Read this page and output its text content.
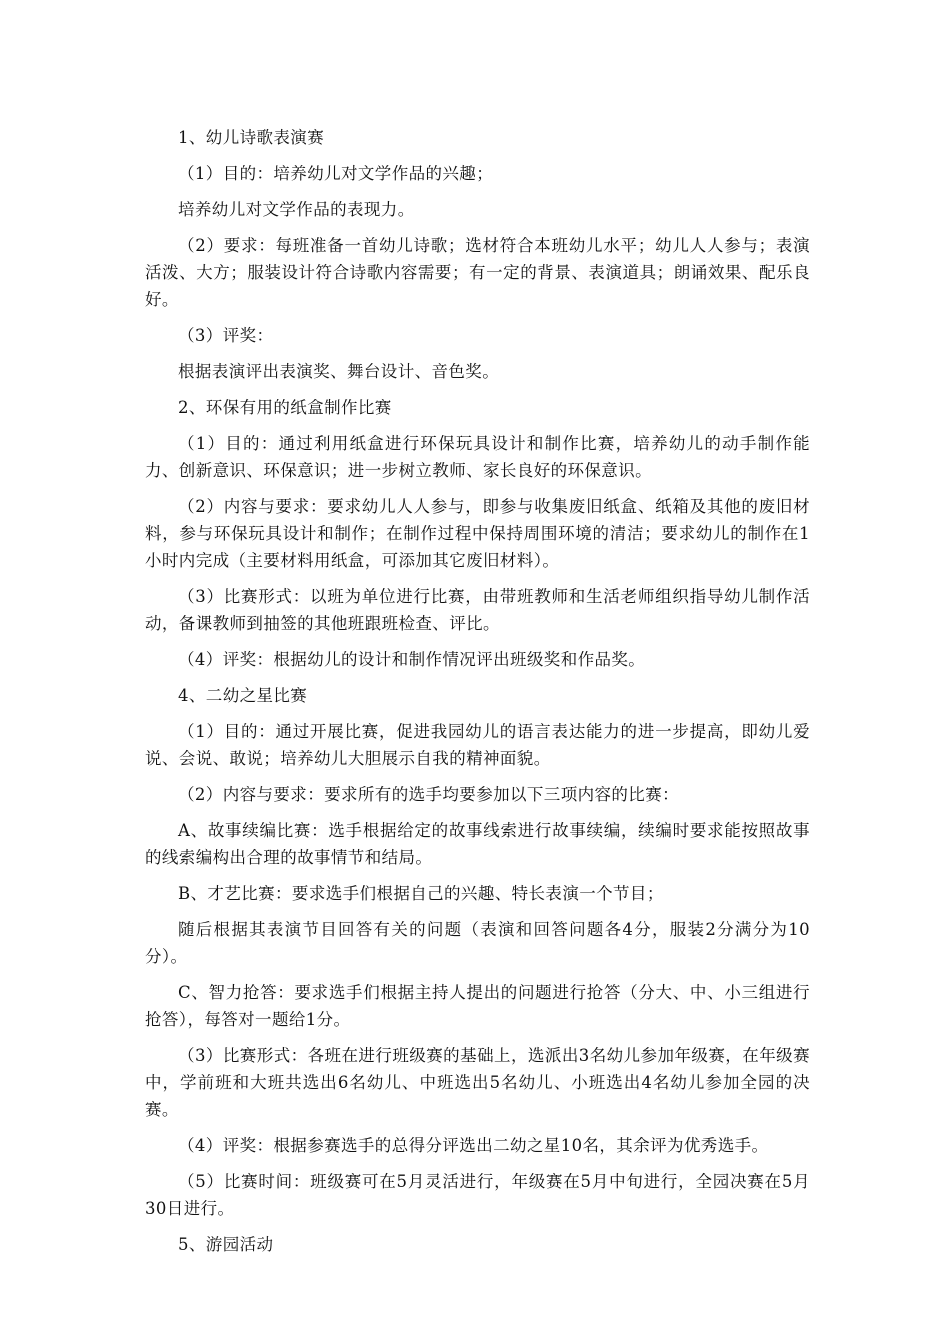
1、幼儿诗歌表演赛

（1）目的：培养幼儿对文学作品的兴趣；

培养幼儿对文学作品的表现力。

（2）要求：每班准备一首幼儿诗歌；选材符合本班幼儿水平；幼儿人人参与；表演活泼、大方；服装设计符合诗歌内容需要；有一定的背景、表演道具；朗诵效果、配乐良好。

（3）评奖：

根据表演评出表演奖、舞台设计、音色奖。

2、环保有用的纸盒制作比赛

（1）目的：通过利用纸盒进行环保玩具设计和制作比赛，培养幼儿的动手制作能力、创新意识、环保意识；进一步树立教师、家长良好的环保意识。

（2）内容与要求：要求幼儿人人参与，即参与收集废旧纸盒、纸箱及其他的废旧材料，参与环保玩具设计和制作；在制作过程中保持周围环境的清洁；要求幼儿的制作在1小时内完成（主要材料用纸盒，可添加其它废旧材料）。

（3）比赛形式：以班为单位进行比赛，由带班教师和生活老师组织指导幼儿制作活动，备课教师到抽签的其他班跟班检查、评比。

（4）评奖：根据幼儿的设计和制作情况评出班级奖和作品奖。

4、二幼之星比赛

（1）目的：通过开展比赛，促进我园幼儿的语言表达能力的进一步提高，即幼儿爱说、会说、敢说；培养幼儿大胆展示自我的精神面貌。

（2）内容与要求：要求所有的选手均要参加以下三项内容的比赛：

A、故事续编比赛：选手根据给定的故事线索进行故事续编，续编时要求能按照故事的线索编构出合理的故事情节和结局。

B、才艺比赛：要求选手们根据自己的兴趣、特长表演一个节目；

随后根据其表演节目回答有关的问题（表演和回答问题各4分，服装2分满分为10分）。

C、智力抢答：要求选手们根据主持人提出的问题进行抢答（分大、中、小三组进行抢答），每答对一题给1分。

（3）比赛形式：各班在进行班级赛的基础上，选派出3名幼儿参加年级赛，在年级赛中，学前班和大班共选出6名幼儿、中班选出5名幼儿、小班选出4名幼儿参加全园的决赛。

（4）评奖：根据参赛选手的总得分评选出二幼之星10名，其余评为优秀选手。

（5）比赛时间：班级赛可在5月灵活进行，年级赛在5月中旬进行，全园决赛在5月30日进行。

5、游园活动
